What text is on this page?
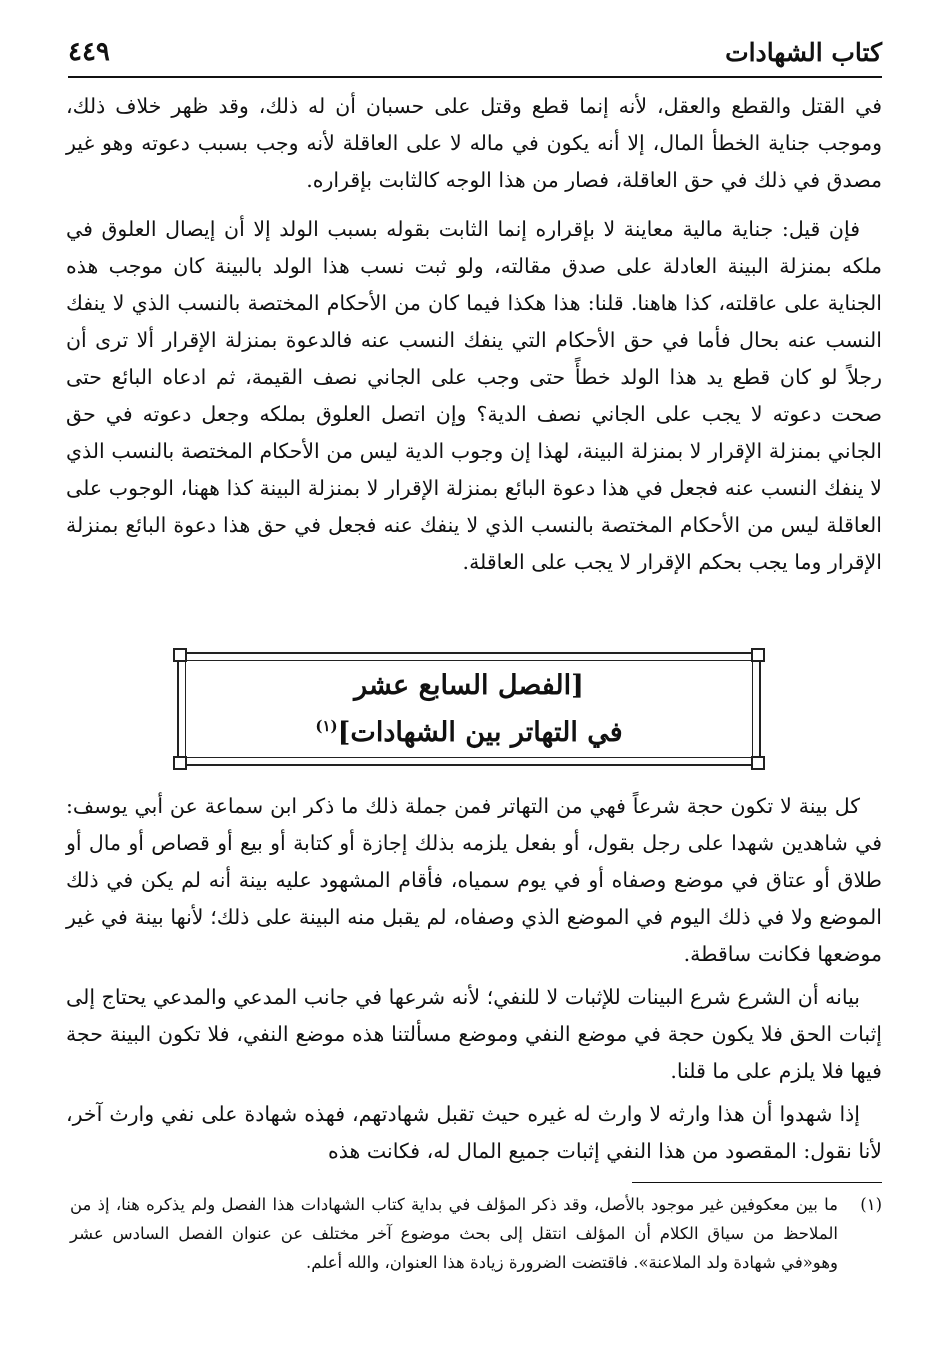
كتاب الشهادات
٤٤٩

في القتل والقطع والعقل، لأنه إنما قطع وقتل على حسبان أن له ذلك، وقد ظهر خلاف ذلك، وموجب جناية الخطأ المال، إلا أنه يكون في ماله لا على العاقلة لأنه وجب بسبب دعوته وهو غير مصدق في ذلك في حق العاقلة، فصار من هذا الوجه كالثابت بإقراره.

فإن قيل: جناية مالية معاينة لا بإقراره إنما الثابت بقوله بسبب الولد إلا أن إيصال العلوق في ملكه بمنزلة البينة العادلة على صدق مقالته، ولو ثبت نسب هذا الولد بالبينة كان موجب هذه الجناية على عاقلته، كذا هاهنا. قلنا: هذا هكذا فيما كان من الأحكام المختصة بالنسب الذي لا ينفك النسب عنه بحال فأما في حق الأحكام التي ينفك النسب عنه فالدعوة بمنزلة الإقرار ألا ترى أن رجلاً لو كان قطع يد هذا الولد خطأً حتى وجب على الجاني نصف القيمة، ثم ادعاه البائع حتى صحت دعوته لا يجب على الجاني نصف الدية؟ وإن اتصل العلوق بملكه وجعل دعوته في حق الجاني بمنزلة الإقرار لا بمنزلة البينة، لهذا إن وجوب الدية ليس من الأحكام المختصة بالنسب الذي لا ينفك النسب عنه فجعل في هذا دعوة البائع بمنزلة الإقرار لا بمنزلة البينة كذا ههنا، الوجوب على العاقلة ليس من الأحكام المختصة بالنسب الذي لا ينفك عنه فجعل في حق هذا دعوة البائع بمنزلة الإقرار وما يجب بحكم الإقرار لا يجب على العاقلة.

[الفصل السابع عشر
في التهاتر بين الشهادات]$^{(١)}$

كل بينة لا تكون حجة شرعاً فهي من التهاتر فمن جملة ذلك ما ذكر ابن سماعة عن أبي يوسف: في شاهدين شهدا على رجل بقول، أو بفعل يلزمه بذلك إجازة أو كتابة أو بيع أو قصاص أو مال أو طلاق أو عتاق في موضع وصفاه أو في يوم سمياه، فأقام المشهود عليه بينة أنه لم يكن في ذلك الموضع ولا في ذلك اليوم في الموضع الذي وصفاه، لم يقبل منه البينة على ذلك؛ لأنها بينة في غير موضعها فكانت ساقطة.

بيانه أن الشرع شرع البينات للإثبات لا للنفي؛ لأنه شرعها في جانب المدعي والمدعي يحتاج إلى إثبات الحق فلا يكون حجة في موضع النفي وموضع مسألتنا هذه موضع النفي، فلا تكون البينة حجة فيها فلا يلزم على ما قلنا.

إذا شهدوا أن هذا وارثه لا وارث له غيره حيث تقبل شهادتهم، فهذه شهادة على نفي وارث آخر، لأنا نقول: المقصود من هذا النفي إثبات جميع المال له، فكانت هذه

(١)
ما بين معكوفين غير موجود بالأصل، وقد ذكر المؤلف في بداية كتاب الشهادات هذا الفصل ولم يذكره هنا، إذ من الملاحظ من سياق الكلام أن المؤلف انتقل إلى بحث موضوع آخر مختلف عن عنوان الفصل السادس عشر وهو«في شهادة ولد الملاعنة». فاقتضت الضرورة زيادة هذا العنوان، والله أعلم.
